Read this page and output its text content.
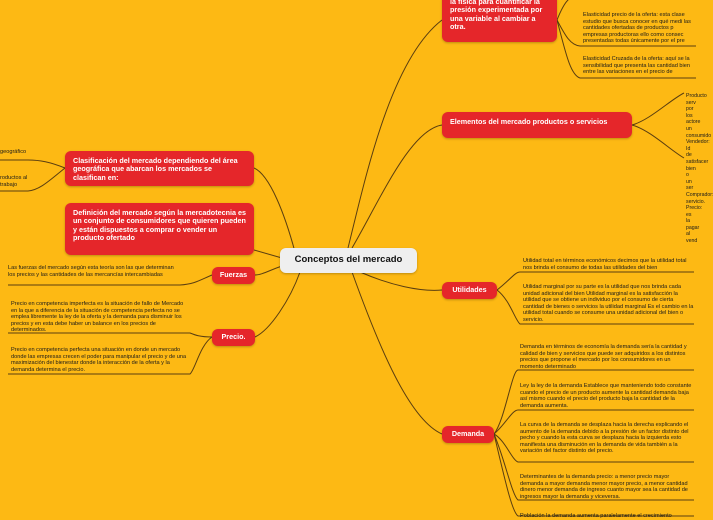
Conceptos del mercado
la física para cuantificar la presión experimentada por una variable al cambiar a otra.
Elementos del mercado productos o servicios
Clasificación del mercado dependiendo del área geográfica que abarcan los mercados se clasifican en:
Definición del mercado según la mercadotecnia es un conjunto de consumidores que quieren pueden y están dispuestos a comprar o vender un producto ofertado
Fuerzas
Precio.
Utilidades
Demanda
Elasticidad precio de la oferta: esta clase estudio que busca conocer en qué medi las cantidades ofertadas de productos p empresas productoras ello como consec presentadas todas únicamente por el pre
Elasticidad Cruzada de la oferta: aquí se la sensibilidad que presenta las cantidad bien entre las variaciones en el precio de
Producto serv por los actore un consumido Vendedor: Id de satisfacer bien o un ser Comprador: servicio. Precio: es la pagar al vend
geográfico
roductos al trabajo
Las fuerzas del mercado según esta teoría son las que determinan los precios y las cantidades de las mercancías intercambiadas
Precio en competencia imperfecta es la situación de fallo de Mercado en la que a diferencia de la situación de competencia perfecta no se emplea libremente la ley de la oferta y la demanda para disminuir los precios y en esta debe haber un balance en los precios de determinados.
Precio en competencia perfecta una situación en donde un mercado donde las empresas crecen el poder para manipular el precio y de una maximización del bienestar donde la interacción de la oferta y la demanda determina el precio.
Utilidad total en términos económicos decimos que la utilidad total nos brinda el consumo de todas las utilidades del bien
Utilidad marginal por su parte es la utilidad que nos brinda cada unidad adicional del bien Utilidad marginal es la satisfacción la utilidad que se obtiene un individuo por el consumo de cierta cantidad de bienes o servicios la utilidad marginal Es el cambio en la utilidad total cuando se consume una unidad adicional del bien o servicio.
Demanda en términos de economía la demanda sería la cantidad y calidad de bien y servicios que puede ser adquiridos a los distintos precios que propone el mercado por los consumidores en un momento determinado
Ley la ley de la demanda Establece que manteniendo todo constante cuando el precio de un producto aumente la cantidad demanda baja así mismo cuando el precio del producto baja la cantidad de la demanda aumenta.
La curva de la demanda se desplaza hacia la derecha explicando el aumento de la demanda debido a la presión de un factor distinto del pecho y cuando la esta curva se desplaza hacia la izquierda esto manifiesta una disminución en la demanda de vida también a la variación del factor distinto del precio.
Determinantes de la demanda precio: a menor precio mayor demanda a mayor demanda menor mayor precio, a menor cantidad dinero menor demanda de ingreso cuanto mayor sea la cantidad de ingresos mayor la demanda y viceversa.
Población la demanda aumenta paralelamente el crecimiento
